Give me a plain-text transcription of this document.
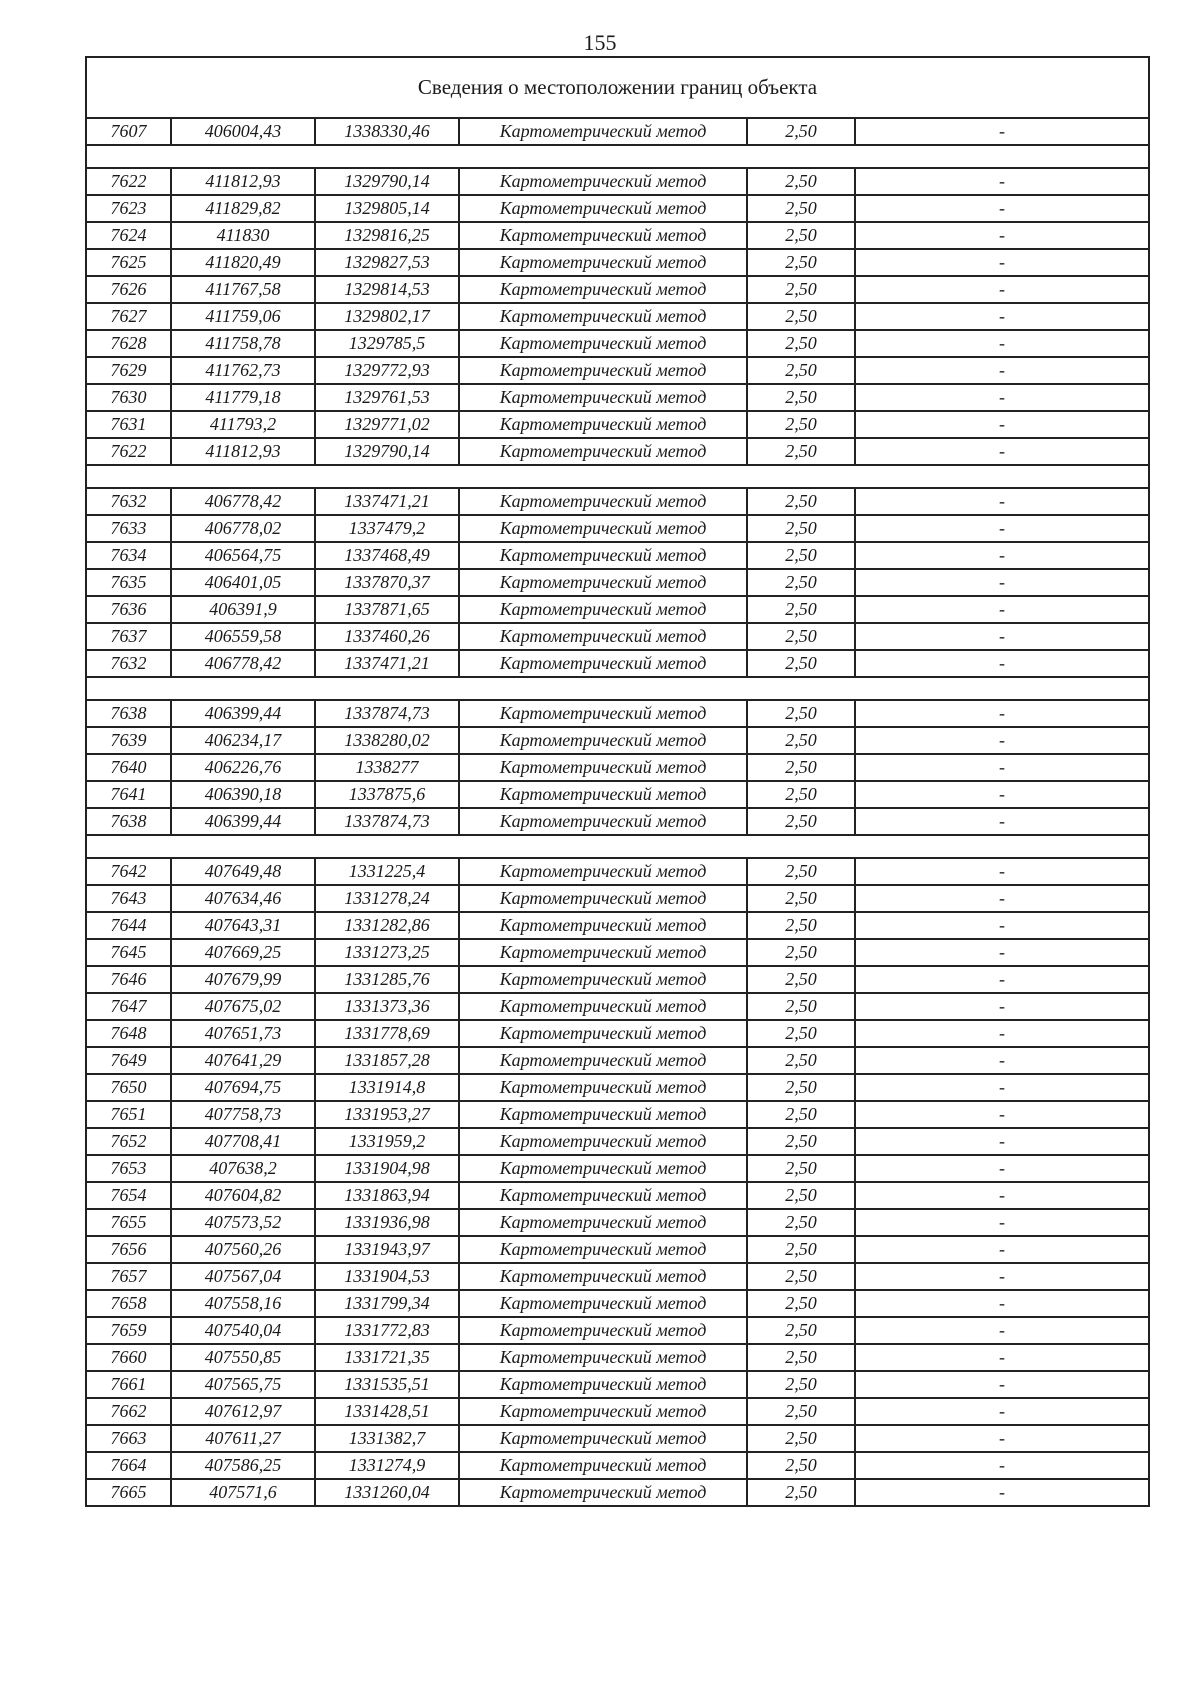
155
Сведения о местоположении границ объекта					
7607	406004,43	1338330,46	Картометрический метод	2,50	-

7622	411812,93	1329790,14	Картометрический метод	2,50	-
7623	411829,82	1329805,14	Картометрический метод	2,50	-
7624	411830	1329816,25	Картометрический метод	2,50	-
7625	411820,49	1329827,53	Картометрический метод	2,50	-
7626	411767,58	1329814,53	Картометрический метод	2,50	-
7627	411759,06	1329802,17	Картометрический метод	2,50	-
7628	411758,78	1329785,5	Картометрический метод	2,50	-
7629	411762,73	1329772,93	Картометрический метод	2,50	-
7630	411779,18	1329761,53	Картометрический метод	2,50	-
7631	411793,2	1329771,02	Картометрический метод	2,50	-
7622	411812,93	1329790,14	Картометрический метод	2,50	-

7632	406778,42	1337471,21	Картометрический метод	2,50	-
7633	406778,02	1337479,2	Картометрический метод	2,50	-
7634	406564,75	1337468,49	Картометрический метод	2,50	-
7635	406401,05	1337870,37	Картометрический метод	2,50	-
7636	406391,9	1337871,65	Картометрический метод	2,50	-
7637	406559,58	1337460,26	Картометрический метод	2,50	-
7632	406778,42	1337471,21	Картометрический метод	2,50	-

7638	406399,44	1337874,73	Картометрический метод	2,50	-
7639	406234,17	1338280,02	Картометрический метод	2,50	-
7640	406226,76	1338277	Картометрический метод	2,50	-
7641	406390,18	1337875,6	Картометрический метод	2,50	-
7638	406399,44	1337874,73	Картометрический метод	2,50	-

7642	407649,48	1331225,4	Картометрический метод	2,50	-
7643	407634,46	1331278,24	Картометрический метод	2,50	-
7644	407643,31	1331282,86	Картометрический метод	2,50	-
7645	407669,25	1331273,25	Картометрический метод	2,50	-
7646	407679,99	1331285,76	Картометрический метод	2,50	-
7647	407675,02	1331373,36	Картометрический метод	2,50	-
7648	407651,73	1331778,69	Картометрический метод	2,50	-
7649	407641,29	1331857,28	Картометрический метод	2,50	-
7650	407694,75	1331914,8	Картометрический метод	2,50	-
7651	407758,73	1331953,27	Картометрический метод	2,50	-
7652	407708,41	1331959,2	Картометрический метод	2,50	-
7653	407638,2	1331904,98	Картометрический метод	2,50	-
7654	407604,82	1331863,94	Картометрический метод	2,50	-
7655	407573,52	1331936,98	Картометрический метод	2,50	-
7656	407560,26	1331943,97	Картометрический метод	2,50	-
7657	407567,04	1331904,53	Картометрический метод	2,50	-
7658	407558,16	1331799,34	Картометрический метод	2,50	-
7659	407540,04	1331772,83	Картометрический метод	2,50	-
7660	407550,85	1331721,35	Картометрический метод	2,50	-
7661	407565,75	1331535,51	Картометрический метод	2,50	-
7662	407612,97	1331428,51	Картометрический метод	2,50	-
7663	407611,27	1331382,7	Картометрический метод	2,50	-
7664	407586,25	1331274,9	Картометрический метод	2,50	-
7665	407571,6	1331260,04	Картометрический метод	2,50	-
